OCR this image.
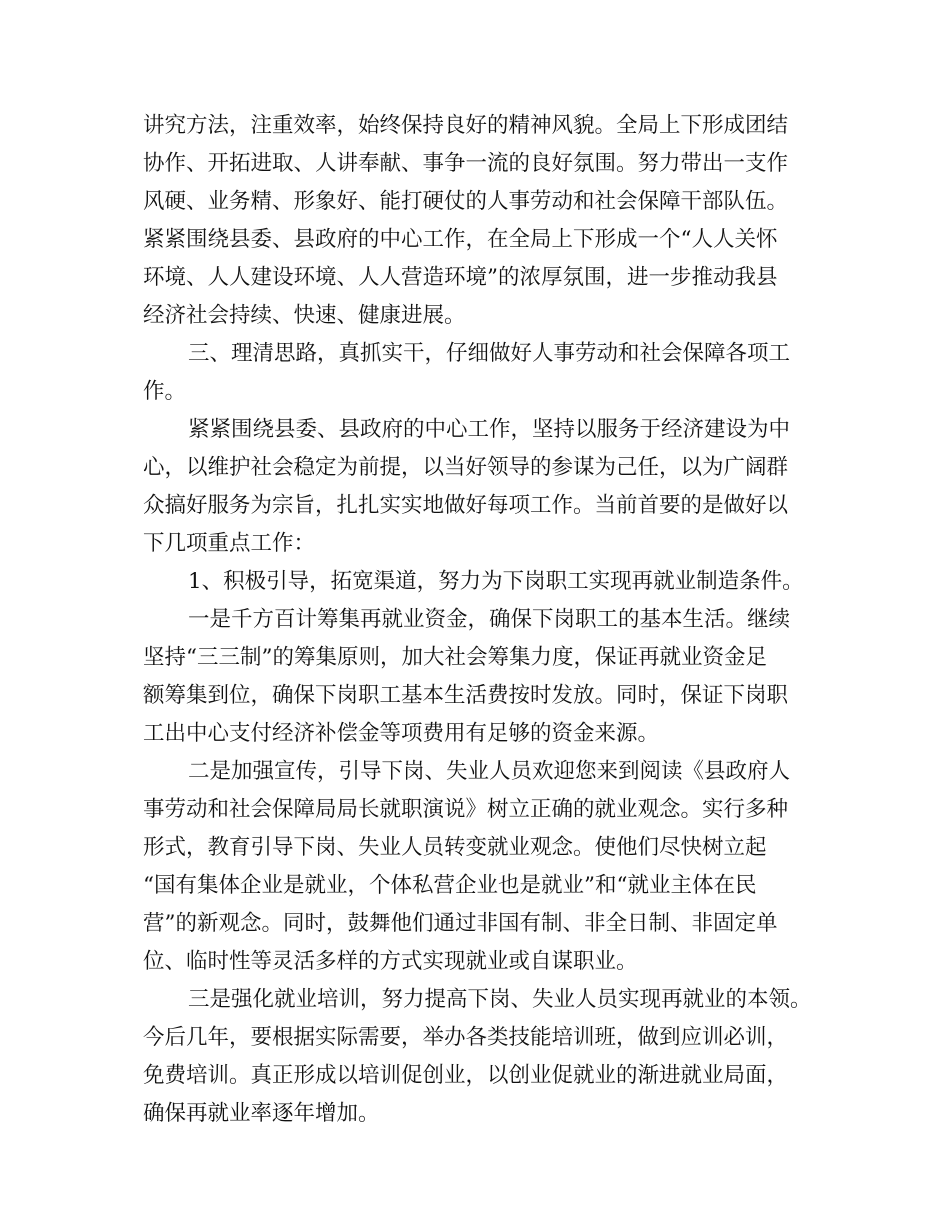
讲究方法，注重效率，始终保持良好的精神风貌。全局上下形成团结
协作、开拓进取、人讲奉献、事争一流的良好氛围。努力带出一支作
风硬、业务精、形象好、能打硬仗的人事劳动和社会保障干部队伍。
紧紧围绕县委、县政府的中心工作，在全局上下形成一个“人人关怀
环境、人人建设环境、人人营造环境”的浓厚氛围，进一步推动我县
经济社会持续、快速、健康进展。
三、理清思路，真抓实干，仔细做好人事劳动和社会保障各项工
作。
紧紧围绕县委、县政府的中心工作，坚持以服务于经济建设为中
心，以维护社会稳定为前提，以当好领导的参谋为己任，以为广阔群
众搞好服务为宗旨，扎扎实实地做好每项工作。当前首要的是做好以
下几项重点工作：
1、积极引导，拓宽渠道，努力为下岗职工实现再就业制造条件。
一是千方百计筹集再就业资金，确保下岗职工的基本生活。继续
坚持“三三制”的筹集原则，加大社会筹集力度，保证再就业资金足
额筹集到位，确保下岗职工基本生活费按时发放。同时，保证下岗职
工出中心支付经济补偿金等项费用有足够的资金来源。
二是加强宣传，引导下岗、失业人员欢迎您来到阅读《县政府人
事劳动和社会保障局局长就职演说》树立正确的就业观念。实行多种
形式，教育引导下岗、失业人员转变就业观念。使他们尽快树立起
“国有集体企业是就业，个体私营企业也是就业”和“就业主体在民
营”的新观念。同时，鼓舞他们通过非国有制、非全日制、非固定单
位、临时性等灵活多样的方式实现就业或自谋职业。
三是强化就业培训，努力提高下岗、失业人员实现再就业的本领。
今后几年，要根据实际需要，举办各类技能培训班，做到应训必训，
免费培训。真正形成以培训促创业，以创业促就业的渐进就业局面，
确保再就业率逐年增加。
